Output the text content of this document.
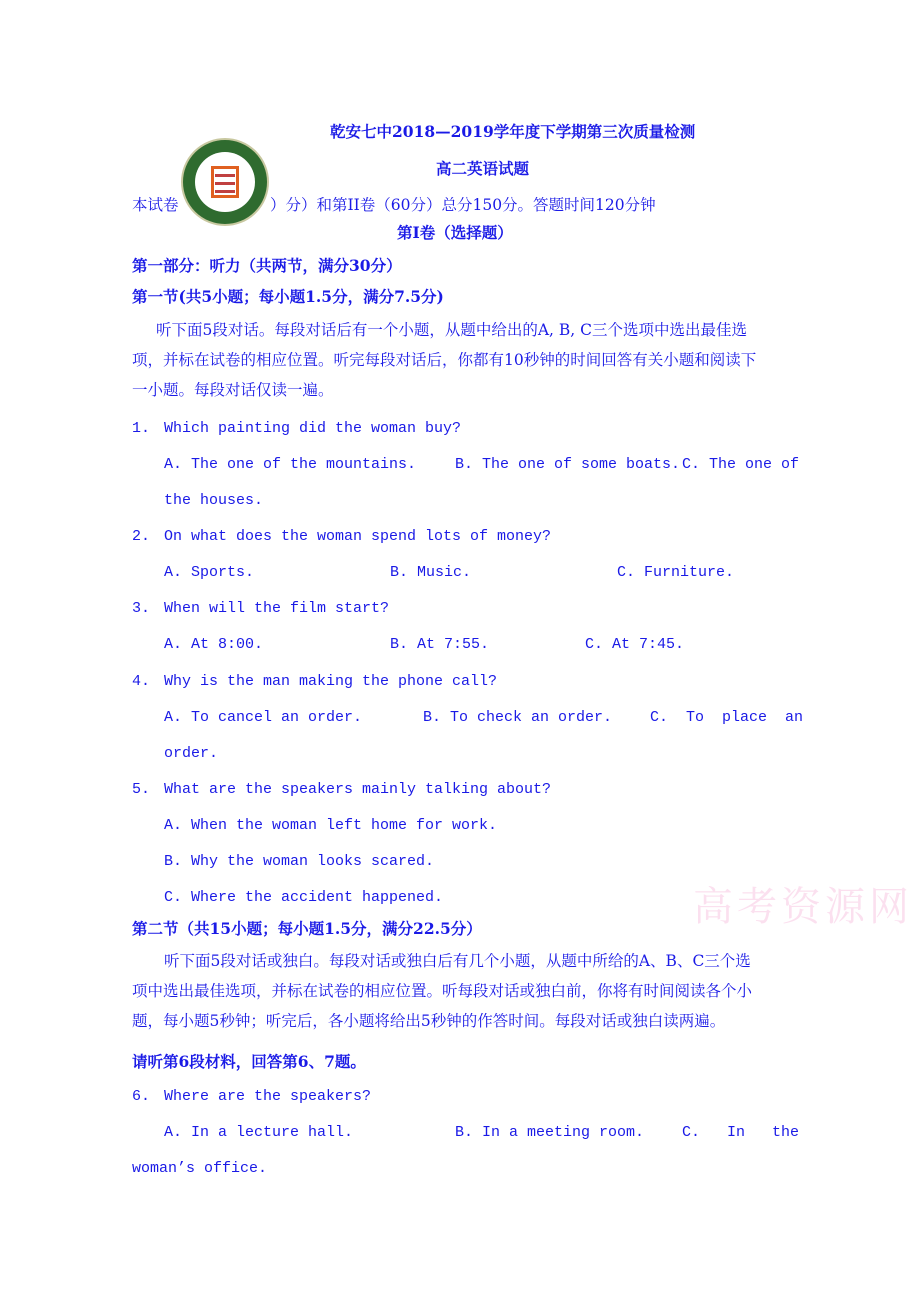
乾安七中2018—2019学年度下学期第三次质量检测
高二英语试题
本试卷	）分）和第II卷（60分）总分150分。答题时间120分钟
第I卷（选择题）
第一部分：听力（共两节，满分30分）
第一节(共5小题；每小题1.5分，满分7.5分)
听下面5段对话。每段对话后有一个小题，从题中给出的A, B, C三个选项中选出最佳选
项，并标在试卷的相应位置。听完每段对话后，你都有10秒钟的时间回答有关小题和阅读下
一小题。每段对话仅读一遍。
1. Which painting did the woman buy?
A. The one of the mountains.	B. The one of some boats. C. The one of
the houses.
2. On what does the woman spend lots of money?
A. Sports.	B. Music.	C. Furniture.
3. When will the film start?
A. At 8:00.	B. At 7:55.	C. At 7:45.
4. Why is the man making the phone call?
A. To cancel an order.	B. To check an order.	C.  To  place  an
order.
5. What are the speakers mainly talking about?
A. When the woman left home for work.
B. Why the woman looks scared.
C. Where the accident happened.	高考资源网
第二节（共15小题；每小题1.5分，满分22.5分）
听下面5段对话或独白。每段对话或独白后有几个小题，从题中所给的A、B、C三个选
项中选出最佳选项，并标在试卷的相应位置。听每段对话或独白前，你将有时间阅读各个小
题，每小题5秒钟；听完后，各小题将给出5秒钟的作答时间。每段对话或独白读两遍。
请听第6段材料，回答第6、7题。
6. Where are the speakers?
A. In a lecture hall.	B. In a meeting room.	C.   In   the
woman’s office.
